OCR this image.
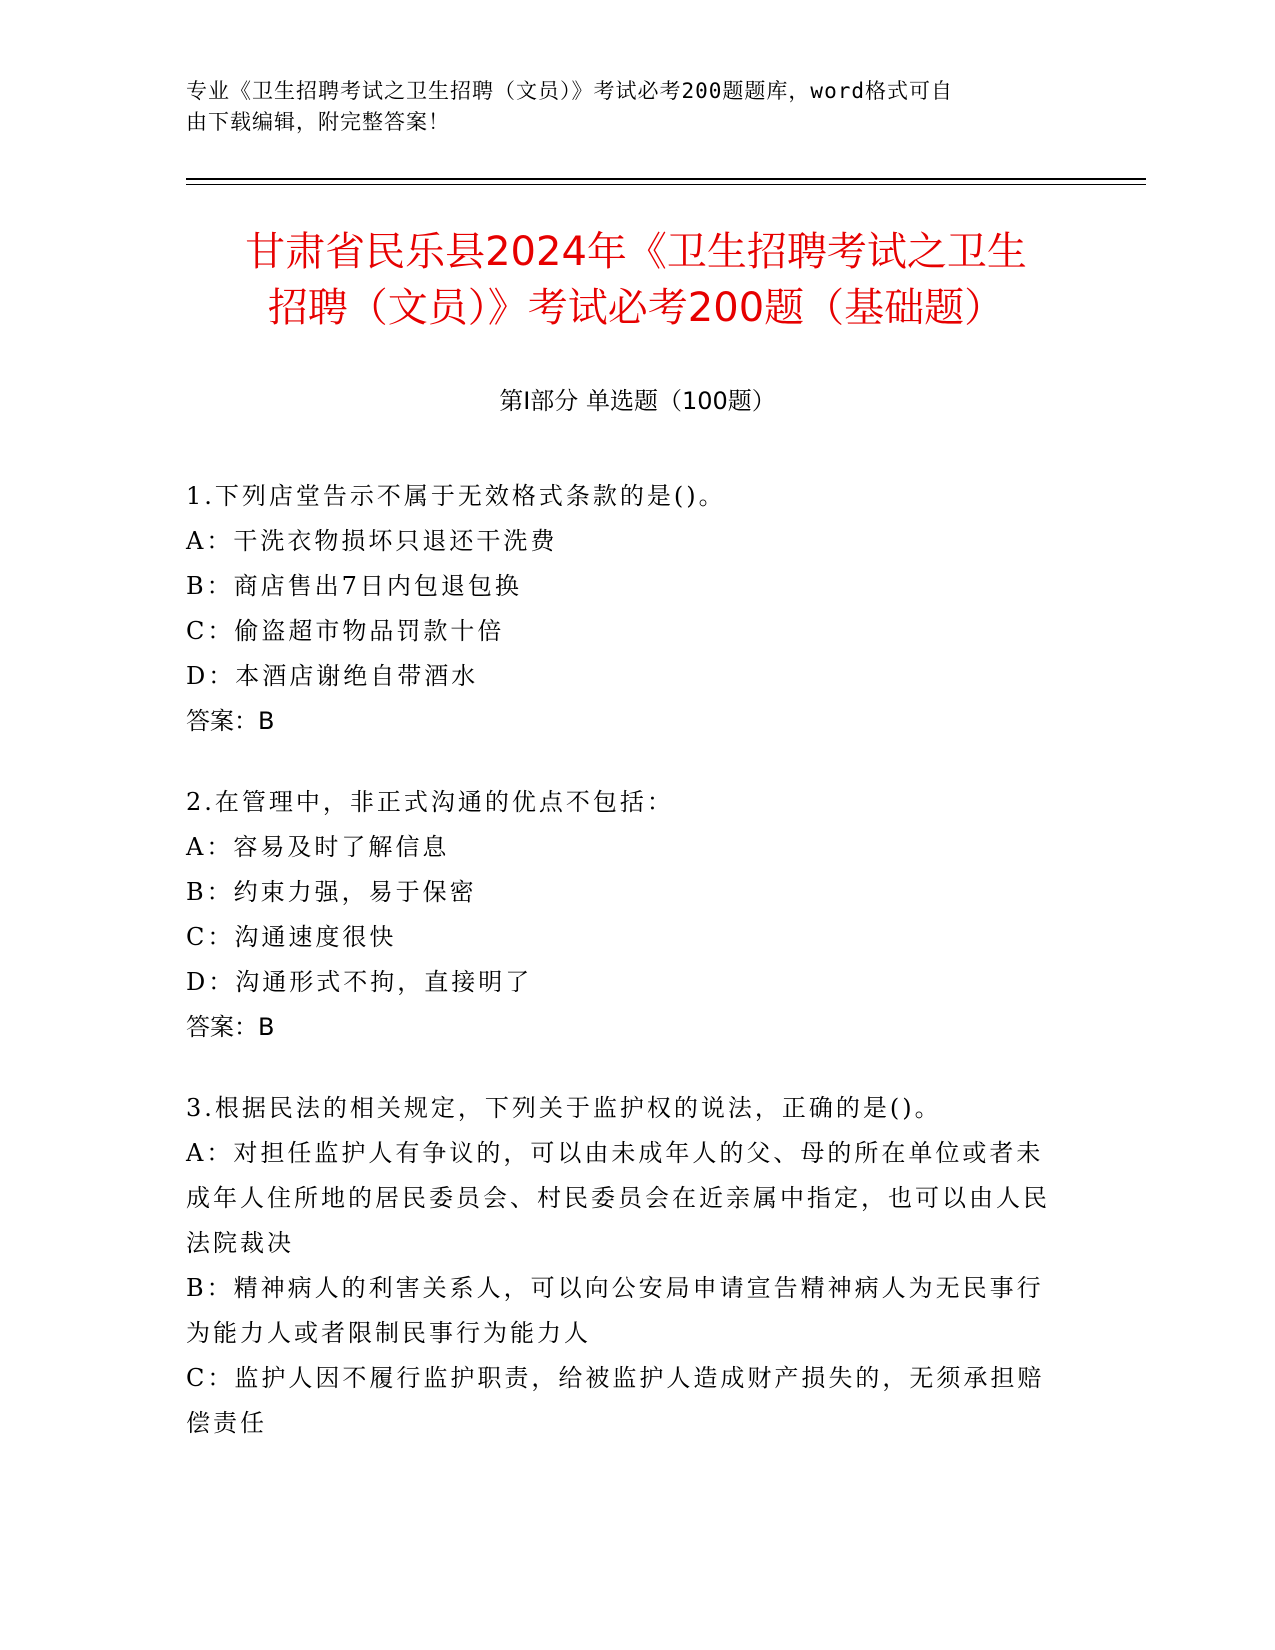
专业《卫生招聘考试之卫生招聘（文员）》考试必考200题题库，word格式可自
由下载编辑，附完整答案！
甘肃省民乐县2024年《卫生招聘考试之卫生
招聘（文员）》考试必考200题（基础题）
第Ⅰ部分 单选题（100题）
1.下列店堂告示不属于无效格式条款的是()。
A：干洗衣物损坏只退还干洗费
B：商店售出7日内包退包换
C：偷盗超市物品罚款十倍
D：本酒店谢绝自带酒水
答案：B
2.在管理中，非正式沟通的优点不包括：
A：容易及时了解信息
B：约束力强，易于保密
C：沟通速度很快
D：沟通形式不拘，直接明了
答案：B
3.根据民法的相关规定，下列关于监护权的说法，正确的是()。
A：对担任监护人有争议的，可以由未成年人的父、母的所在单位或者未成年人住所地的居民委员会、村民委员会在近亲属中指定，也可以由人民法院裁决
B：精神病人的利害关系人，可以向公安局申请宣告精神病人为无民事行为能力人或者限制民事行为能力人
C：监护人因不履行监护职责，给被监护人造成财产损失的，无须承担赔偿责任
